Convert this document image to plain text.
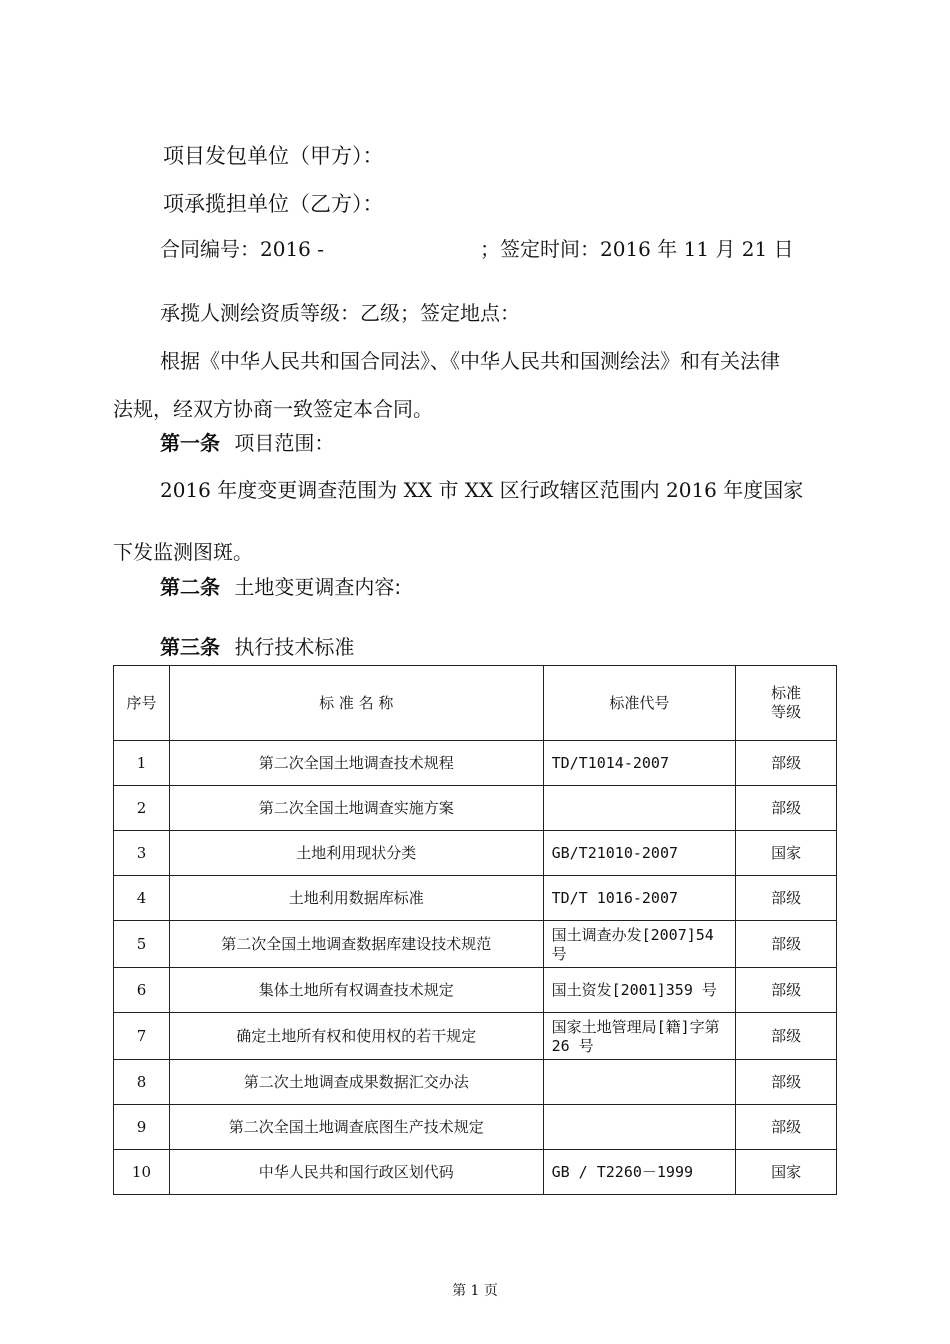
项目发包单位（甲方）：
项承揽担单位（乙方）：
合同编号：2016 -	；签定时间：2016 年 11 月 21 日
承揽人测绘资质等级：乙级；签定地点：
根据《中华人民共和国合同法》、《中华人民共和国测绘法》和有关法律
法规，经双方协商一致签定本合同。
第一条 项目范围：
2016 年度变更调查范围为 XX 市 XX 区行政辖区范围内 2016 年度国家
下发监测图斑。
第二条 土地变更调查内容:
第三条 执行技术标准
序号	标 准 名 称	标准代号	标准
等级
1	第二次全国土地调查技术规程	TD/T1014-2007	部级
2	第二次全国土地调查实施方案		部级
3	土地利用现状分类	GB/T21010-2007	国家
4	土地利用数据库标准	TD/T 1016-2007	部级
5	第二次全国土地调查数据库建设技术规范	国土调查办发[2007]54号	部级
6	集体土地所有权调查技术规定	国土资发[2001]359 号	部级
7	确定土地所有权和使用权的若干规定	国家土地管理局[籍]字第 26 号	部级
8	第二次土地调查成果数据汇交办法		部级
9	第二次全国土地调查底图生产技术规定		部级
10	中华人民共和国行政区划代码	GB / T2260－1999	国家
第 1 页
